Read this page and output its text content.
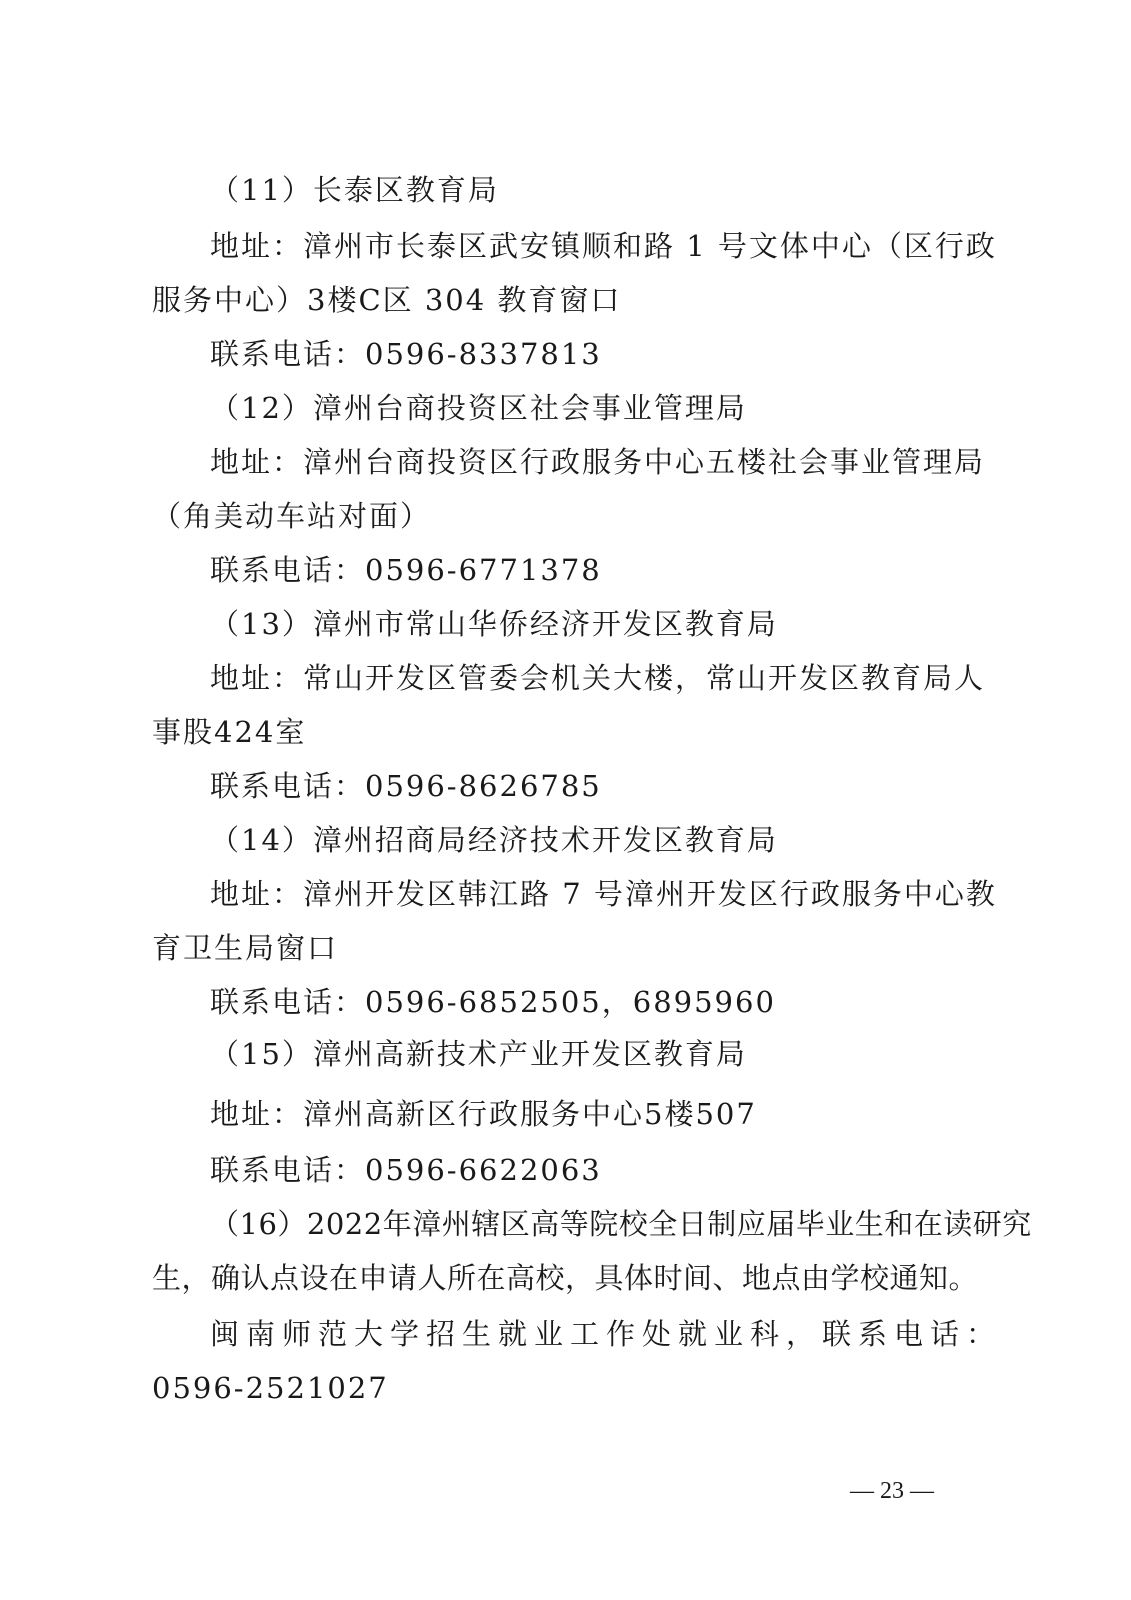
（11）长泰区教育局
地址：漳州市长泰区武安镇顺和路 1 号文体中心（区行政
服务中心）3楼C区 304 教育窗口
联系电话：0596-8337813
（12）漳州台商投资区社会事业管理局
地址：漳州台商投资区行政服务中心五楼社会事业管理局
（角美动车站对面）
联系电话：0596-6771378
（13）漳州市常山华侨经济开发区教育局
地址：常山开发区管委会机关大楼，常山开发区教育局人
事股424室
联系电话：0596-8626785
（14）漳州招商局经济技术开发区教育局
地址：漳州开发区韩江路 7 号漳州开发区行政服务中心教
育卫生局窗口
联系电话：0596-6852505，6895960
（15）漳州高新技术产业开发区教育局
地址：漳州高新区行政服务中心5楼507
联系电话：0596-6622063
（16）2022年漳州辖区高等院校全日制应届毕业生和在读研究
生，确认点设在申请人所在高校，具体时间、地点由学校通知。
闽南师范大学招生就业工作处就业科，联系电话：
0596-2521027
— 23 —
